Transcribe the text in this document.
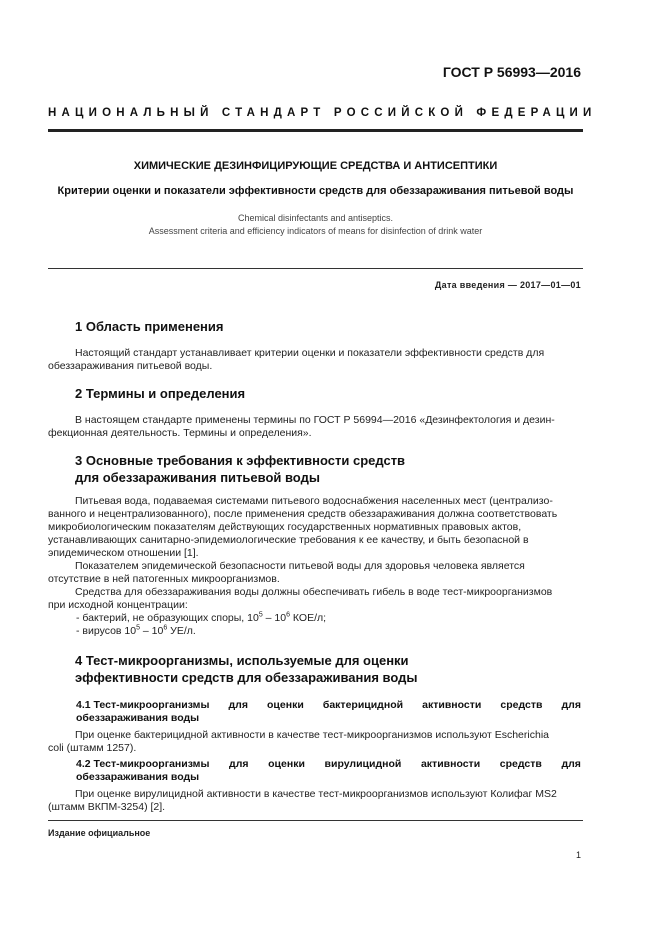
ГОСТ Р 56993—2016
НАЦИОНАЛЬНЫЙ СТАНДАРТ РОССИЙСКОЙ ФЕДЕРАЦИИ
ХИМИЧЕСКИЕ ДЕЗИНФИЦИРУЮЩИЕ СРЕДСТВА И АНТИСЕПТИКИ
Критерии оценки и показатели эффективности средств для обеззараживания питьевой воды
Chemical disinfectants and antiseptics.
Assessment criteria and efficiency indicators of means for disinfection of drink water
Дата введения — 2017—01—01
1 Область применения
Настоящий стандарт устанавливает критерии оценки и показатели эффективности средств для
обеззараживания питьевой воды.
2 Термины и определения
В настоящем стандарте применены термины по ГОСТ Р 56994—2016 «Дезинфектология и дезин-
фекционная деятельность. Термины и определения».
3 Основные требования к эффективности средств
для обеззараживания питьевой воды
Питьевая вода, подаваемая системами питьевого водоснабжения населенных мест (централизо-
ванного и нецентрализованного), после применения средств обеззараживания должна соответствовать
микробиологическим показателям действующих государственных нормативных правовых актов,
устанавливающих санитарно-эпидемиологические требования к ее качеству, и быть безопасной в
эпидемическом отношении [1].
Показателем эпидемической безопасности питьевой воды для здоровья человека является
отсутствие в ней патогенных микроорганизмов.
Средства для обеззараживания воды должны обеспечивать гибель в воде тест-микроорганизмов
при исходной концентрации:
- бактерий, не образующих споры, $10^5 - 10^6$ КОЕ/л;
- вирусов $10^5 - 10^6$ УЕ/л.
4 Тест-микроорганизмы, используемые для оценки
эффективности средств для обеззараживания воды
4.1 Тест-микроорганизмы для оценки бактерицидной активности средств для
обеззараживания воды
При оценке бактерицидной активности в качестве тест-микроорганизмов используют Escherichia
coli (штамм 1257).
4.2 Тест-микроорганизмы для оценки вирулицидной активности средств для
обеззараживания воды
При оценке вирулицидной активности в качестве тест-микроорганизмов используют Колифаг MS2
(штамм ВКПМ-3254) [2].
Издание официальное
1
